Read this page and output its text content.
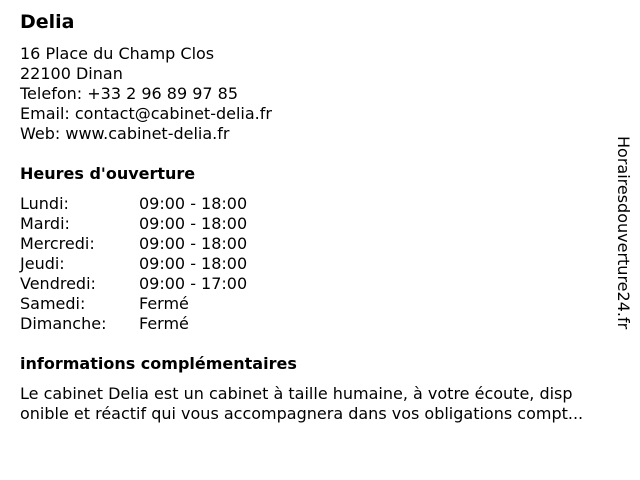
Delia
16 Place du Champ Clos
22100 Dinan
Telefon: +33 2 96 89 97 85
Email: contact@cabinet-delia.fr
Web: www.cabinet-delia.fr
Heures d'ouverture
Lundi:	09:00 - 18:00
Mardi:	09:00 - 18:00
Mercredi:	09:00 - 18:00
Jeudi:	09:00 - 18:00
Vendredi:	09:00 - 17:00
Samedi:	Fermé
Dimanche: Fermé
informations complémentaires
Le cabinet Delia est un cabinet à taille humaine, à votre écoute, disp
onible et réactif qui vous accompagnera dans vos obligations compt...
Horairesdouverture24.fr
